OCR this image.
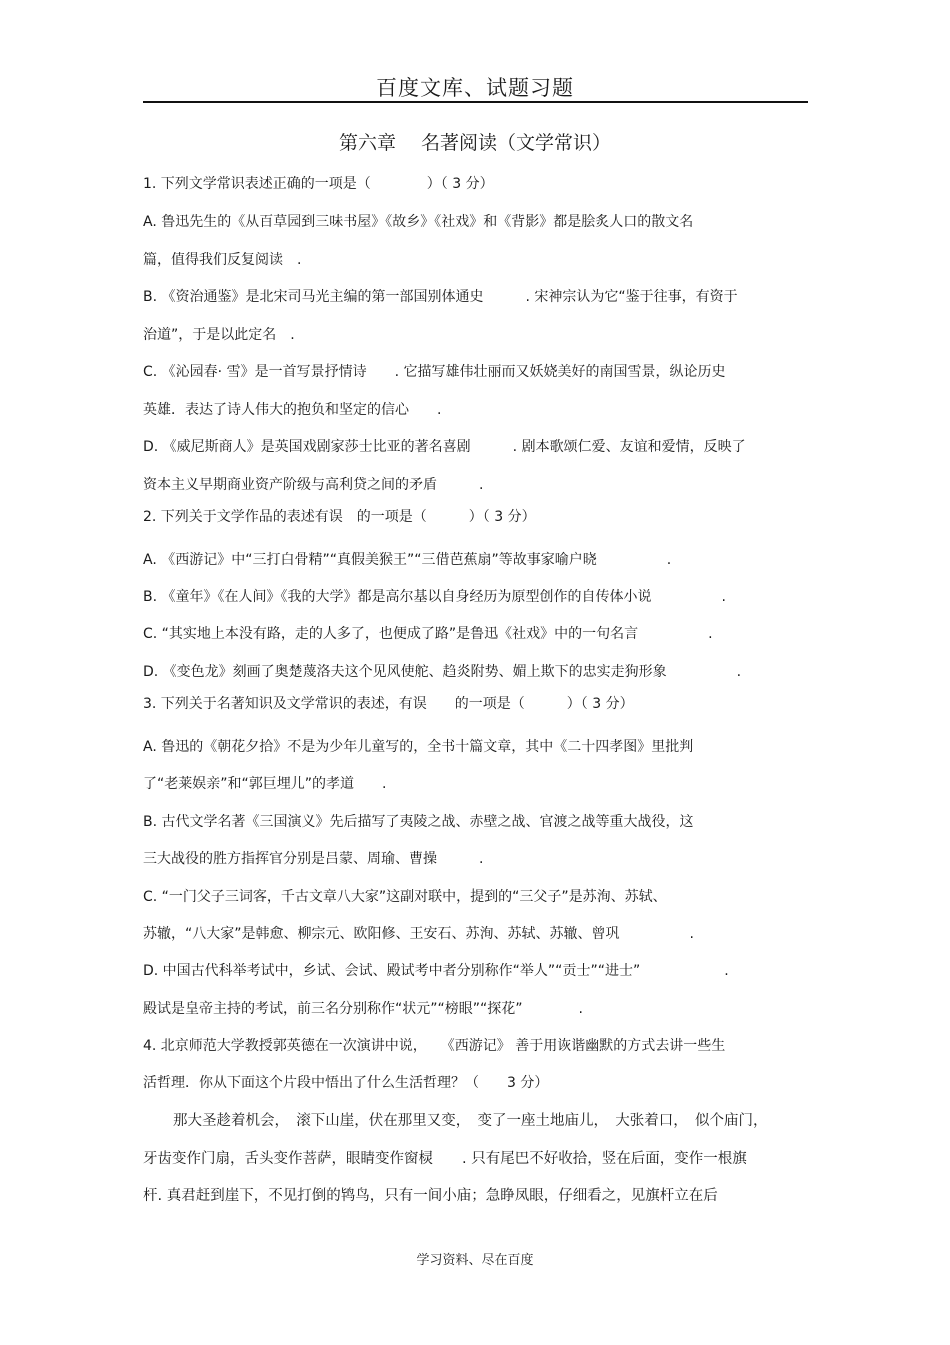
百度文库、试题习题
第六章　 名著阅读（文学常识）
1. 下列文学常识表述正确的一项是（　　　　）（ 3 分）
A. 鲁迅先生的《从百草园到三味书屋》《故乡》《社戏》和《背影》都是脍炙人口的散文名
篇，值得我们反复阅读　.
B. 《资治通鉴》是北宋司马光主编的第一部国别体通史　　　. 宋神宗认为它“鉴于往事，有资于
治道”，于是以此定名　.
C. 《沁园春· 雪》是一首写景抒情诗　　. 它描写雄伟壮丽而又妖娆美好的南国雪景，纵论历史
英雄．表达了诗人伟大的抱负和坚定的信心　　.
D. 《威尼斯商人》是英国戏剧家莎士比亚的著名喜剧　　　. 剧本歌颂仁爱、友谊和爱情，反映了
资本主义早期商业资产阶级与高利贷之间的矛盾　　　.
2. 下列关于文学作品的表述有误　的一项是（　　　）（ 3 分）
A. 《西游记》中“三打白骨精”“真假美猴王”“三借芭蕉扇”等故事家喻户晓　　　　　.
B. 《童年》《在人间》《我的大学》都是高尔基以自身经历为原型创作的自传体小说　　　　　.
C. “其实地上本没有路，走的人多了，也便成了路”是鲁迅《社戏》中的一句名言　　　　　.
D. 《变色龙》刻画了奥楚蔑洛夫这个见风使舵、趋炎附势、媚上欺下的忠实走狗形象　　　　　.
3. 下列关于名著知识及文学常识的表述，有误　　的一项是（　　　）（ 3 分）
A. 鲁迅的《朝花夕拾》不是为少年儿童写的，全书十篇文章，其中《二十四孝图》里批判
了“老莱娱亲”和“郭巨埋儿”的孝道　　.
B. 古代文学名著《三国演义》先后描写了夷陵之战、赤壁之战、官渡之战等重大战役，这
三大战役的胜方指挥官分别是吕蒙、周瑜、曹操　　　.
C. “一门父子三词客，千古文章八大家”这副对联中，提到的“三父子”是苏洵、苏轼、
苏辙，“八大家”是韩愈、柳宗元、欧阳修、王安石、苏洵、苏轼、苏辙、曾巩　　　　　.
D. 中国古代科举考试中，乡试、会试、殿试考中者分别称作“举人”“贡士”“进士”　　　　　　.
殿试是皇帝主持的考试，前三名分别称作“状元”“榜眼”“探花”　　　　.
4. 北京师范大学教授郭英德在一次演讲中说，　　《西游记》 善于用诙谐幽默的方式去讲一些生
活哲理．你从下面这个片段中悟出了什么生活哲理？（　　3 分）
那大圣趁着机会，　滚下山崖，伏在那里又变，　变了一座土地庙儿，　大张着口，　似个庙门，
牙齿变作门扇，舌头变作菩萨，眼睛变作窗棂　　. 只有尾巴不好收拾，竖在后面，变作一根旗
杆. 真君赶到崖下，不见打倒的鸨鸟，只有一间小庙；急睁凤眼，仔细看之，见旗杆立在后
学习资料、尽在百度
